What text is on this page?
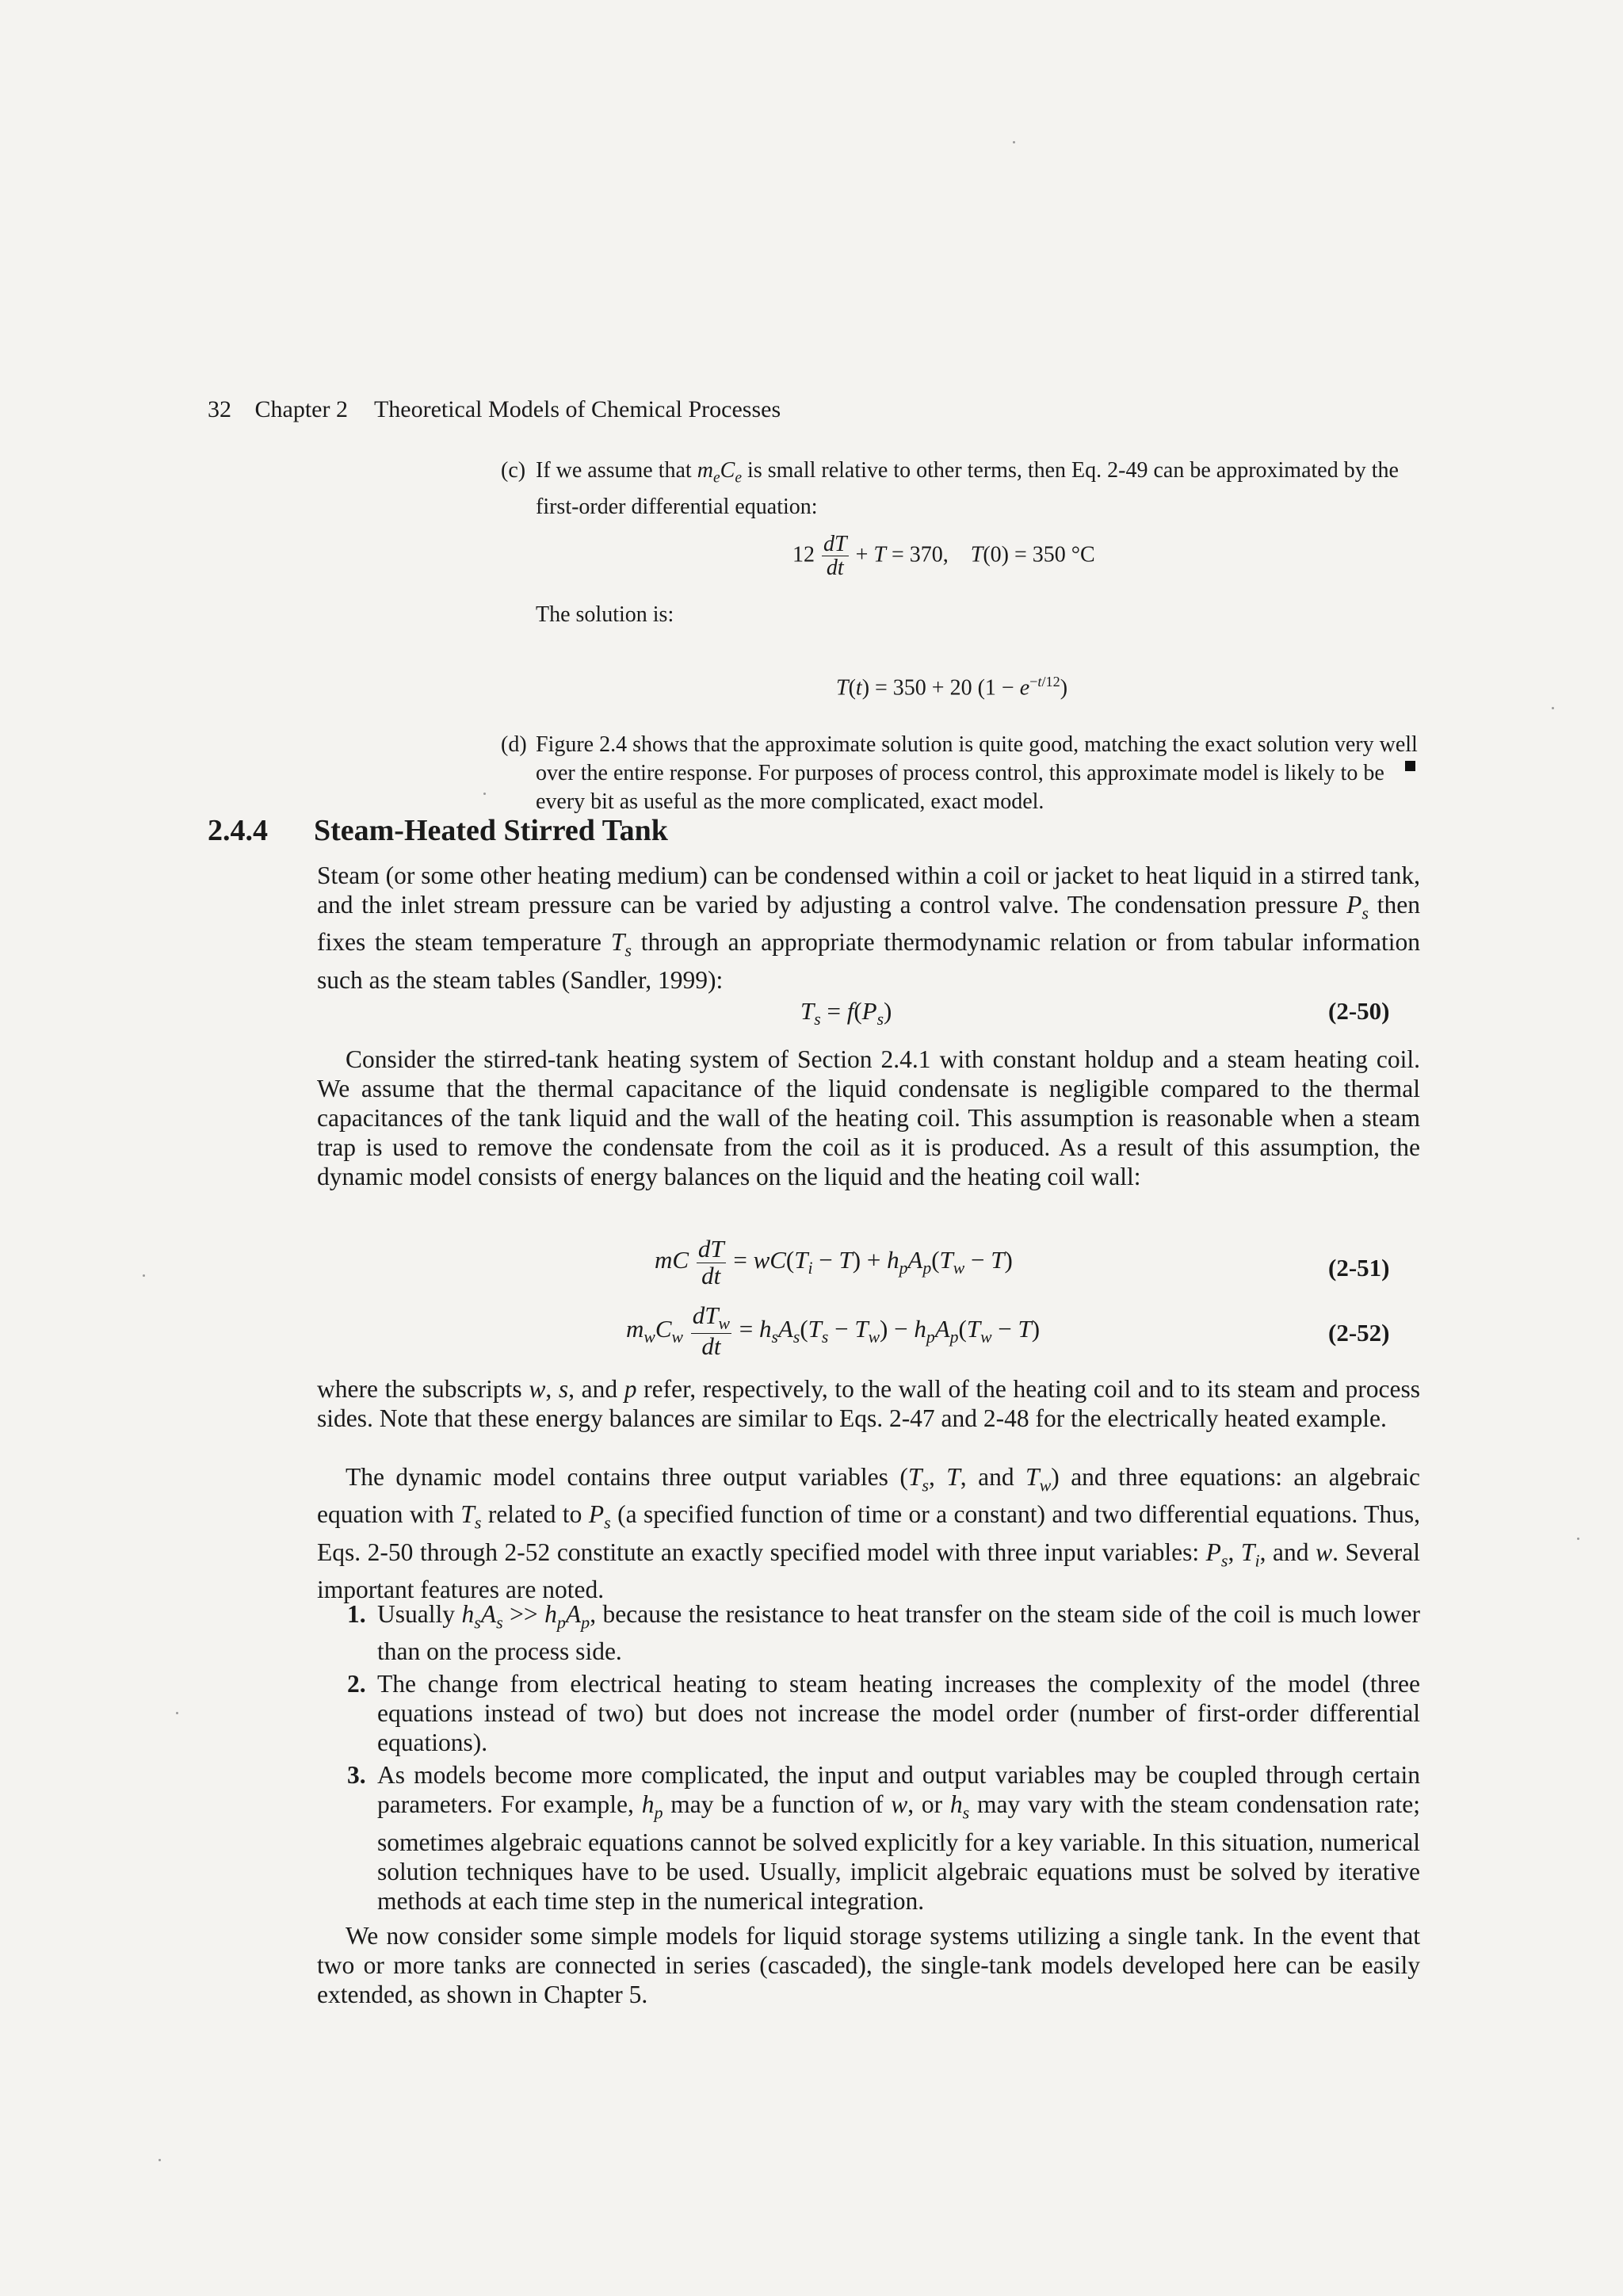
32 Chapter 2 Theoretical Models of Chemical Processes
(c) If we assume that $m_eC_e$ is small relative to other terms, then Eq. 2-49 can be approximated by the first-order differential equation:
$12 \frac{dT}{dt} + T = 370$,    T(0) = 350 °C
The solution is:
T(t) = 350 + 20 $(1 - e^{-t/12})$
(d) Figure 2.4 shows that the approximate solution is quite good, matching the exact solution very well over the entire response. For purposes of process control, this approximate model is likely to be every bit as useful as the more complicated, exact model.
2.4.4 Steam-Heated Stirred Tank
Steam (or some other heating medium) can be condensed within a coil or jacket to heat liquid in a stirred tank, and the inlet stream pressure can be varied by adjusting a control valve. The condensation pressure $P_s$ then fixes the steam temperature $T_s$ through an appropriate thermodynamic relation or from tabular information such as the steam tables (Sandler, 1999):
$T_s = f(P_s)$	(2-50)
Consider the stirred-tank heating system of Section 2.4.1 with constant holdup and a steam heating coil. We assume that the thermal capacitance of the liquid condensate is negligible compared to the thermal capacitances of the tank liquid and the wall of the heating coil. This assumption is reasonable when a steam trap is used to remove the condensate from the coil as it is produced. As a result of this assumption, the dynamic model consists of energy balances on the liquid and the heating coil wall:
mC $\frac{dT}{dt} = wC(T_i - T) + h_pA_p(T_w - T)$	(2-51)
$m_wC_w \frac{dT_w}{dt} = h_sA_s(T_s - T_w) - h_pA_p(T_w - T)$	(2-52)
where the subscripts w, s, and p refer, respectively, to the wall of the heating coil and to its steam and process sides. Note that these energy balances are similar to Eqs. 2-47 and 2-48 for the electrically heated example.
The dynamic model contains three output variables ($T_s$, T, and $T_w$) and three equations: an algebraic equation with $T_s$ related to $P_s$ (a specified function of time or a constant) and two differential equations. Thus, Eqs. 2-50 through 2-52 constitute an exactly specified model with three input variables: $P_s$, $T_i$, and w. Several important features are noted.
1. Usually $h_sA_s >> h_pA_p$, because the resistance to heat transfer on the steam side of the coil is much lower than on the process side.
2. The change from electrical heating to steam heating increases the complexity of the model (three equations instead of two) but does not increase the model order (number of first-order differential equations).
3. As models become more complicated, the input and output variables may be coupled through certain parameters. For example, $h_p$ may be a function of w, or $h_s$ may vary with the steam condensation rate; sometimes algebraic equations cannot be solved explicitly for a key variable. In this situation, numerical solution techniques have to be used. Usually, implicit algebraic equations must be solved by iterative methods at each time step in the numerical integration.
We now consider some simple models for liquid storage systems utilizing a single tank. In the event that two or more tanks are connected in series (cascaded), the single-tank models developed here can be easily extended, as shown in Chapter 5.
